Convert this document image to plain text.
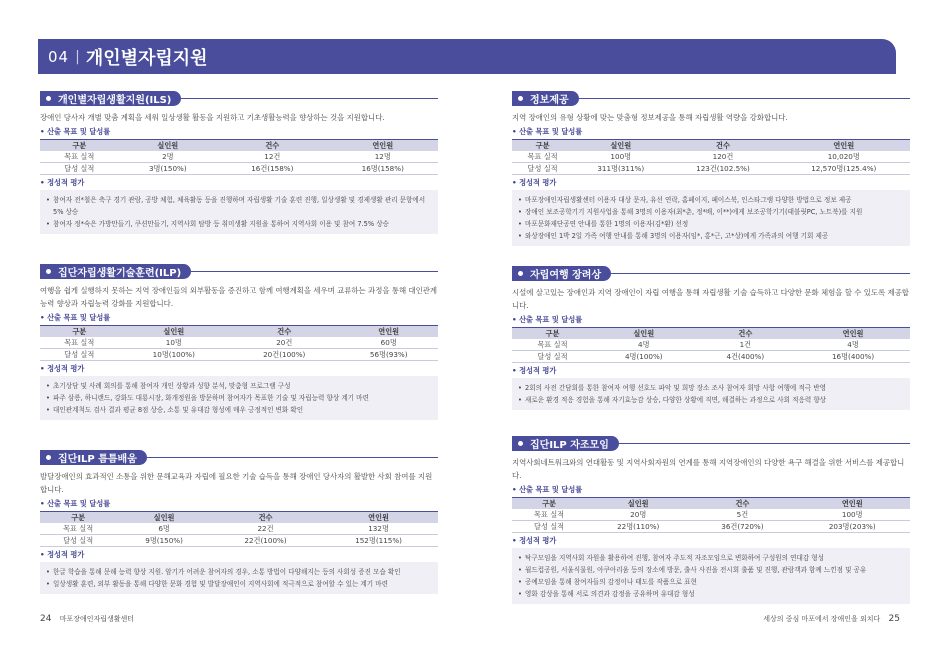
04 | 개인별자립지원
개인별자립생활지원(ILS)
장애인 당사자 개별 맞춤 계획을 세워 일상생활 활동을 지원하고 기초생활능력을 향상하는 것을 지원합니다.
• 산출 목표 및 달성률
구분	실인원	건수	연인원
목표 실적	2명	12건	12명
달성 실적	3명(150%)	16건(158%)	16명(158%)
• 정성적 평가
• 참여자 전*철은 축구 경기 관람, 공방 체험, 체육활동 등을 진행하며 자립생활 기술 훈련 진행, 일상생활 및 경제생활 관리 문항에서 5% 상승
• 참여자 정*숙은 가방만들기, 쿠션만들기, 지역사회 탐방 등 취미생활 지원을 통하여 지역사회 이용 및 참여 7.5% 상승
집단자립생활기술훈련(ILP)
여행을 쉽게 실행하지 못하는 지역 장애인들의 외부활동을 증진하고 함께 여행계획을 세우며 교류하는 과정을 통해 대인관계능력 향상과 자립능력 강화를 지원합니다.
• 산출 목표 및 달성률
구분	실인원	건수	연인원
목표 실적	10명	20건	60명
달성 실적	10명(100%)	20건(100%)	56명(93%)
• 정성적 평가
• 초기상담 및 사례 회의를 통해 참여자 개인 상황과 성향 분석, 맞춤형 프로그램 구성
• 파주 삼릉, 하니랜드, 강화도 대룡시장, 화개정원을 방문하며 참여자가 목표한 기술 및 자립능력 향상 계기 마련
• 대인관계척도 검사 결과 평균 8점 상승, 소통 및 유대감 형성에 매우 긍정적인 변화 확인
집단ILP 틈틈배움
발달장애인의 효과적인 소통을 위한 문해교육과 자립에 필요한 기술 습득을 통해 장애인 당사자의 활발한 사회 참여를 지원합니다.
• 산출 목표 및 달성률
구분	실인원	건수	연인원
목표 실적	6명	22건	132명
달성 실적	9명(150%)	22건(100%)	152명(115%)
• 정성적 평가
• 한글 학습을 통해 문해 능력 향상 지원. 암기가 어려운 참여자의 경우, 소통 방법이 다양해지는 등의 사회성 증진 모습 확인
• 일상생활 훈련, 외부 활동을 통해 다양한 문화 경험 및 발달장애인이 지역사회에 적극적으로 참여할 수 있는 계기 마련
정보제공
지역 장애인의 유형 상황에 맞는 맞춤형 정보제공을 통해 자립생활 역량을 강화합니다.
• 산출 목표 및 달성률
구분	실인원	건수	연인원
목표 실적	100명	120건	10,020명
달성 실적	311명(311%)	123건(102.5%)	12,570명(125.4%)
• 정성적 평가
• 마포장애인자립생활센터 이용자 대상 문자, 유선 연락, 홈페이지, 페이스북, 인스타그램 다양한 방법으로 정보 제공
• 장애인 보조공학기기 지원사업을 통해 3명의 이용자(최*춘, 정*배, 이**)에게 보조공학기기(태블릿PC, 노트북)를 지원
• 마포문화재단공연 안내를 통한 1명의 이용자(김*환) 선정
• 와상장애인 1박 2일 가족 여행 안내를 통해 3명의 이용자(임*, 홍*근, 고*상)에게 가족과의 여행 기회 제공
자립여행 장려상
시설에 살고있는 장애인과 지역 장애인이 자립 여행을 통해 자립생활 기술 습득하고 다양한 문화 체험을 할 수 있도록 제공합니다.
• 산출 목표 및 달성률
구분	실인원	건수	연인원
목표 실적	4명	1건	4명
달성 실적	4명(100%)	4건(400%)	16명(400%)
• 정성적 평가
• 2회의 사전 간담회를 통한 참여자 여행 선호도 파악 및 희망 장소 조사 참여자 희망 사항 여행에 적극 반영
• 새로운 환경 적응 경험을 통해 자기효능감 상승, 다양한 상황에 직면, 해결하는 과정으로 사회 적응력 향상
집단ILP 자조모임
지역사회네트워크와의 연대활동 및 지역사회자원의 연계를 통해 지역장애인의 다양한 욕구 해결을 위한 서비스를 제공합니다.
• 산출 목표 및 달성률
구분	실인원	건수	연인원
목표 실적	20명	5건	100명
달성 실적	22명(110%)	36건(720%)	203명(203%)
• 정성적 평가
• 탁구모임을 지역사회 자원을 활용하여 진행, 참여자 주도적 자조모임으로 변화하여 구성원의 연대감 형성
• 월드컵공원, 서울식물원, 아쿠아리움 등의 장소에 방문, 출사 사진을 전시회 출품 및 진행, 관람객과 함께 느낀점 및 공유
• 공예모임을 통해 참여자들의 감정이나 태도를 작품으로 표현
• 영화 감상을 통해 서로 의견과 감정을 공유하며 유대감 형성
24 마포장애인자립생활센터	세상의 중심 마포에서 장애인을 외치다 25
